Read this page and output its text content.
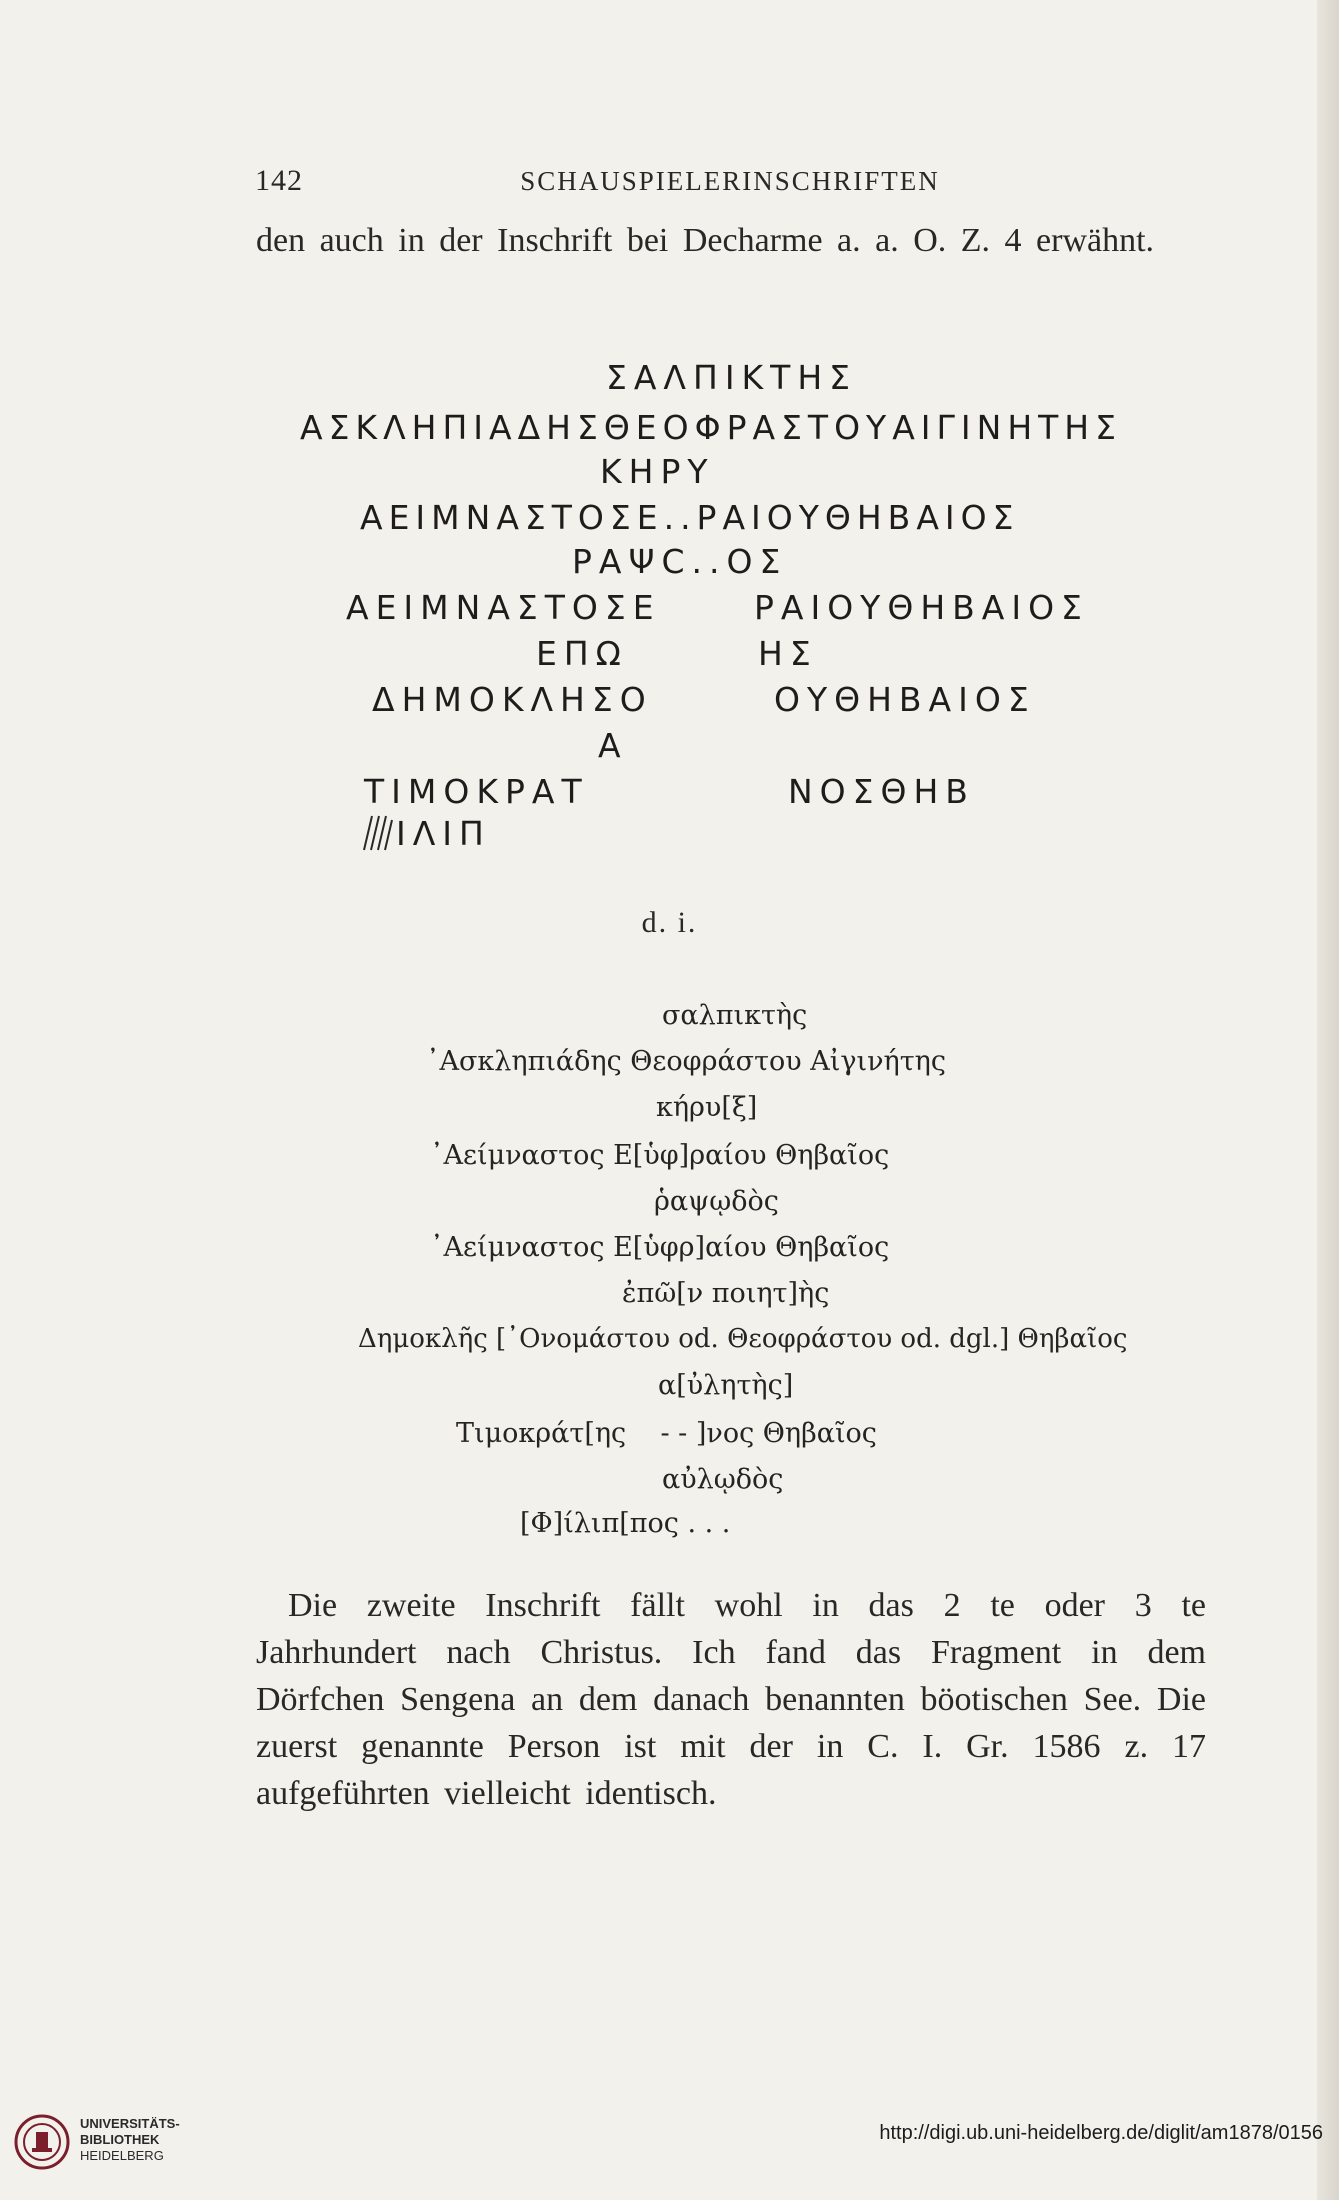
142	SCHAUSPIELERINSCHRIFTEN

den auch in der Inschrift bei Decharme a. a. O. Z. 4 erwähnt.

ΣΑΛΠΙΚΤΗΣ
ΑΣΚΛΗΠΙΑΔΗΣΘΕΟΦΡΑΣΤΟΥΑΙΓΙΝΗΤΗΣ
ΚΗΡΥ
ΑΕΙΜΝΑΣΤΟΣΕ..ΡΑΙΟΥΘΗΒΑΙΟΣ
ΡΑΨC..ΟΣ
ΑΕΙΜΝΑΣΤΟΣΕ	ΡΑΙΟΥΘΗΒΑΙΟΣ
ΕΠΩ	ΗΣ
ΔΗΜΟΚΛΗΣΟ	ΟΥΘΗΒΑΙΟΣ
Α
ΤΙΜΟΚΡΑΤ	ΝΟΣΘΗΒ
ΙΛΙΠ
d. i.
σαλπικτὴς
᾽Ασκληπιάδης Θεοφράστου Αἰγινήτης
κήρυ[ξ]
᾽Αείμναστος Ε[ὑφ]ραίου Θηβαῖος
ῥαψῳδὸς
᾽Αείμναστος Ε[ὑφρ]αίου Θηβαῖος
ἐπῶ[ν ποιητ]ὴς
Δημοκλῆς [᾽Ονομάστου od. Θεοφράστου od. dgl.] Θηβαῖος
α[ὐλητὴς]
Τιμοκράτ[ης    - - ]νος Θηβαῖος
αὐλῳδὸς
[Φ]ίλιπ[πος . . .

Die zweite Inschrift fällt wohl in das 2 te oder 3 te Jahrhundert nach Christus. Ich fand das Fragment in dem Dörfchen Sengena an dem danach benannten böotischen See. Die zuerst genannte Person ist mit der in C. I. Gr. 1586 z. 17 aufgeführten vielleicht identisch.

UNIVERSITÄTS-
BIBLIOTHEK
HEIDELBERG
http://digi.ub.uni-heidelberg.de/diglit/am1878/0156
